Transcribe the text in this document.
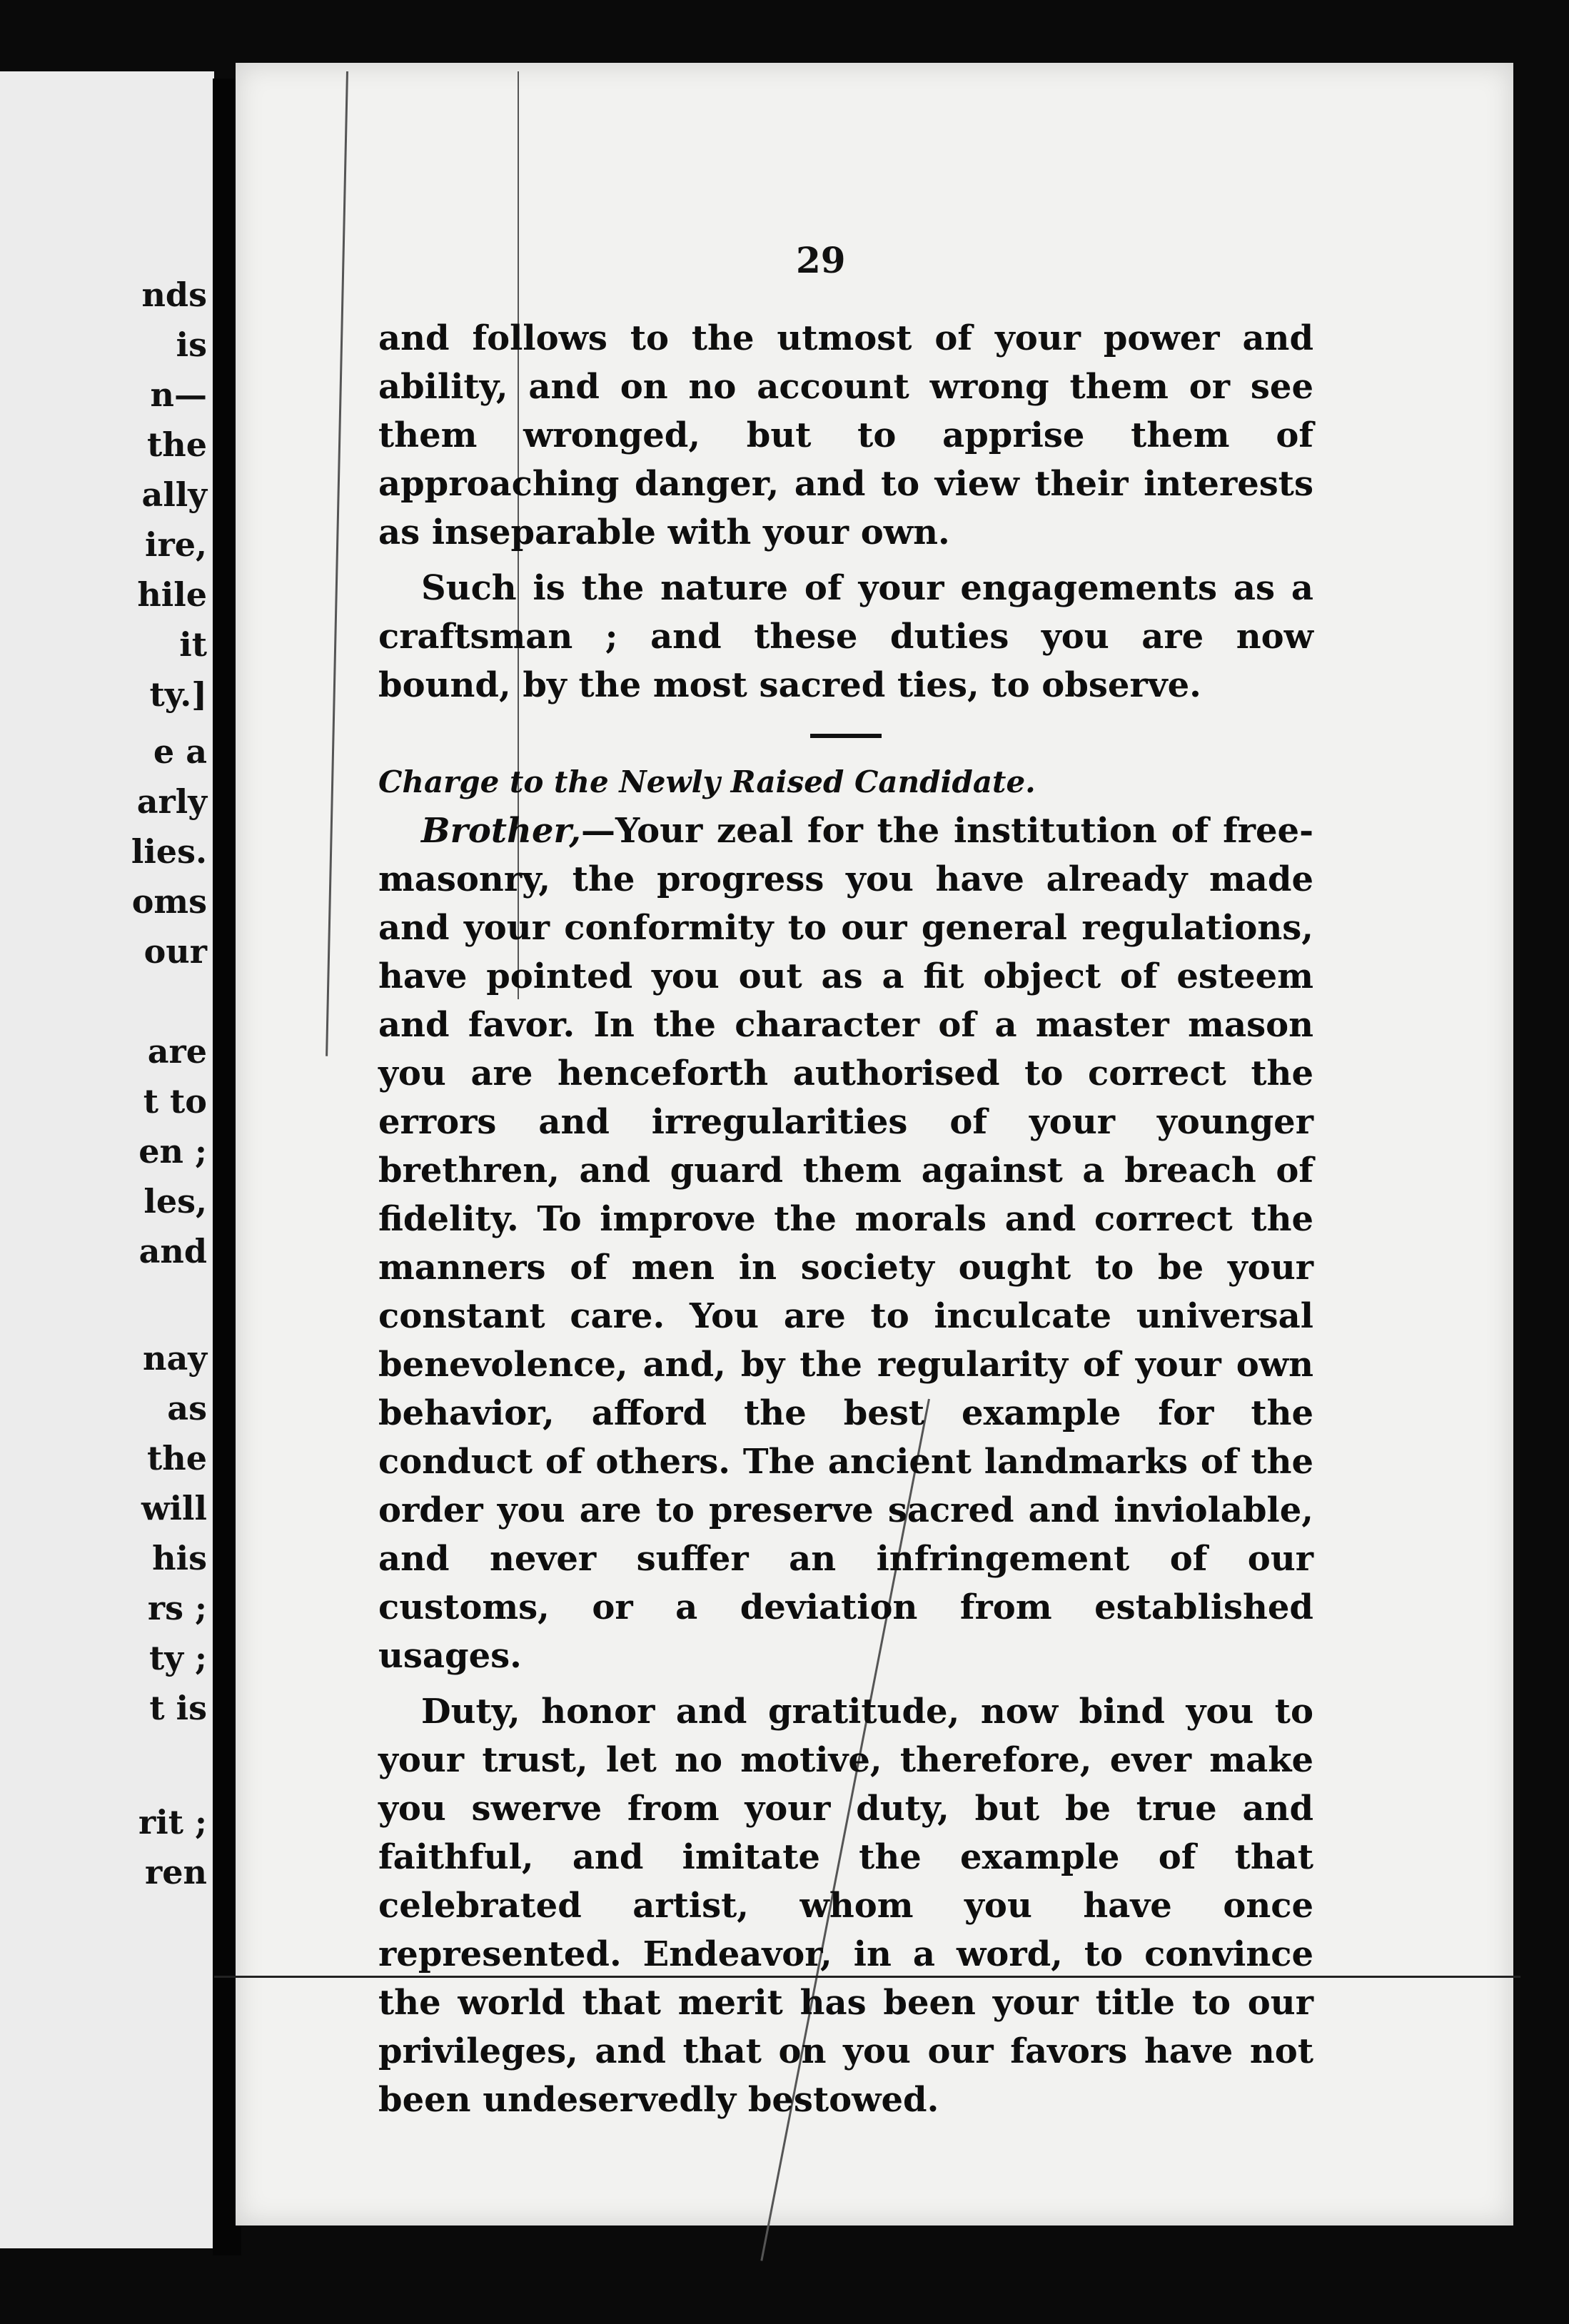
nds
is
n—
the
ally
ire,
hile
it
ty.]
e a
arly
lies.
oms
our
are
t to
en ;
les,
and
nay
as
the
will
his
rs ;
ty ;
t is
rit ;
ren
29

and follows to the utmost of your power and ability, and on no account wrong them or see them wronged, but to apprise them of approaching danger, and to view their interests as inseparable with your own.

Such is the nature of your engagements as a craftsman ; and these duties you are now bound, by the most sacred ties, to observe.

Charge to the Newly Raised Candidate.

Brother,—Your zeal for the institution of free-masonry, the progress you have already made and your conformity to our general regulations, have pointed you out as a fit object of esteem and favor. In the character of a master mason you are henceforth authorised to correct the errors and irregularities of your younger brethren, and guard them against a breach of fidelity. To improve the morals and correct the manners of men in society ought to be your constant care. You are to inculcate universal benevolence, and, by the regularity of your own behavior, afford the best example for the conduct of others. The ancient landmarks of the order you are to preserve sacred and inviolable, and never suffer an infringement of our customs, or a deviation from established usages.

Duty, honor and gratitude, now bind you to your trust, let no motive, therefore, ever make you swerve from your duty, but be true and faithful, and imitate the example of that celebrated artist, whom you have once represented. Endeavor, in a word, to convince the world that merit has been your title to our privileges, and that on you our favors have not been undeservedly bestowed.
